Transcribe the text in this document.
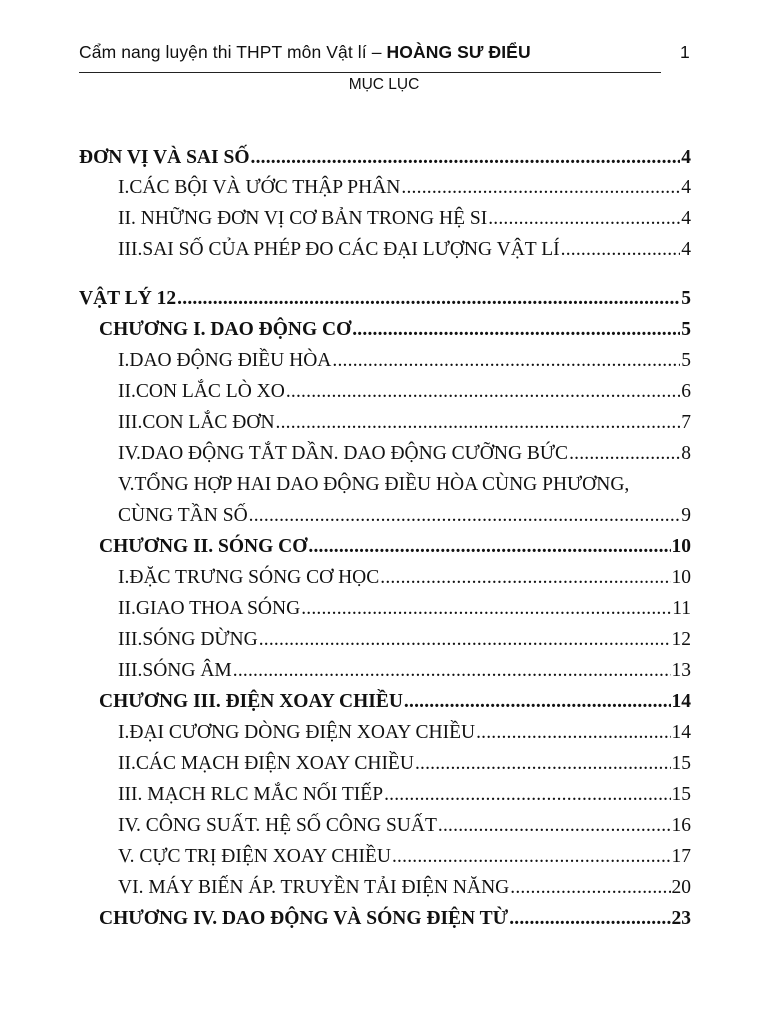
Cẩm nang luyện thi THPT môn Vật lí – HOÀNG SƯ ĐIỂU	1
MỤC LỤC
ĐƠN VỊ VÀ SAI SỐ .....	4
I.CÁC BỘI VÀ ƯỚC THẬP PHÂN .....	4
II. NHỮNG ĐƠN VỊ CƠ BẢN TRONG HỆ SI .....	4
III.SAI SỐ CỦA PHÉP ĐO CÁC ĐẠI LƯỢNG VẬT LÍ .....	4
VẬT LÝ 12 .....	5
CHƯƠNG I. DAO ĐỘNG CƠ .....	5
I.DAO ĐỘNG ĐIỀU HÒA .....	5
II.CON LẮC LÒ XO .....	6
III.CON LẮC ĐƠN .....	7
IV.DAO ĐỘNG TẮT DẦN. DAO ĐỘNG CƯỠNG BỨC .....	8
V.TỔNG HỢP HAI DAO ĐỘNG ĐIỀU HÒA CÙNG PHƯƠNG,
CÙNG TẦN SỐ .....	9
CHƯƠNG II. SÓNG CƠ .....	10
I.ĐẶC TRƯNG SÓNG CƠ HỌC .....	10
II.GIAO THOA SÓNG .....	11
III.SÓNG DỪNG .....	12
III.SÓNG ÂM .....	13
CHƯƠNG III. ĐIỆN XOAY CHIỀU .....	14
I.ĐẠI CƯƠNG DÒNG ĐIỆN XOAY CHIỀU .....	14
II.CÁC MẠCH ĐIỆN XOAY CHIỀU .....	15
III. MẠCH RLC MẮC NỐI TIẾP .....	15
IV. CÔNG SUẤT. HỆ SỐ CÔNG SUẤT .....	16
V. CỰC TRỊ ĐIỆN XOAY CHIỀU .....	17
VI. MÁY BIẾN ÁP. TRUYỀN TẢI ĐIỆN NĂNG .....	20
CHƯƠNG IV. DAO ĐỘNG VÀ SÓNG ĐIỆN TỪ .....	23
